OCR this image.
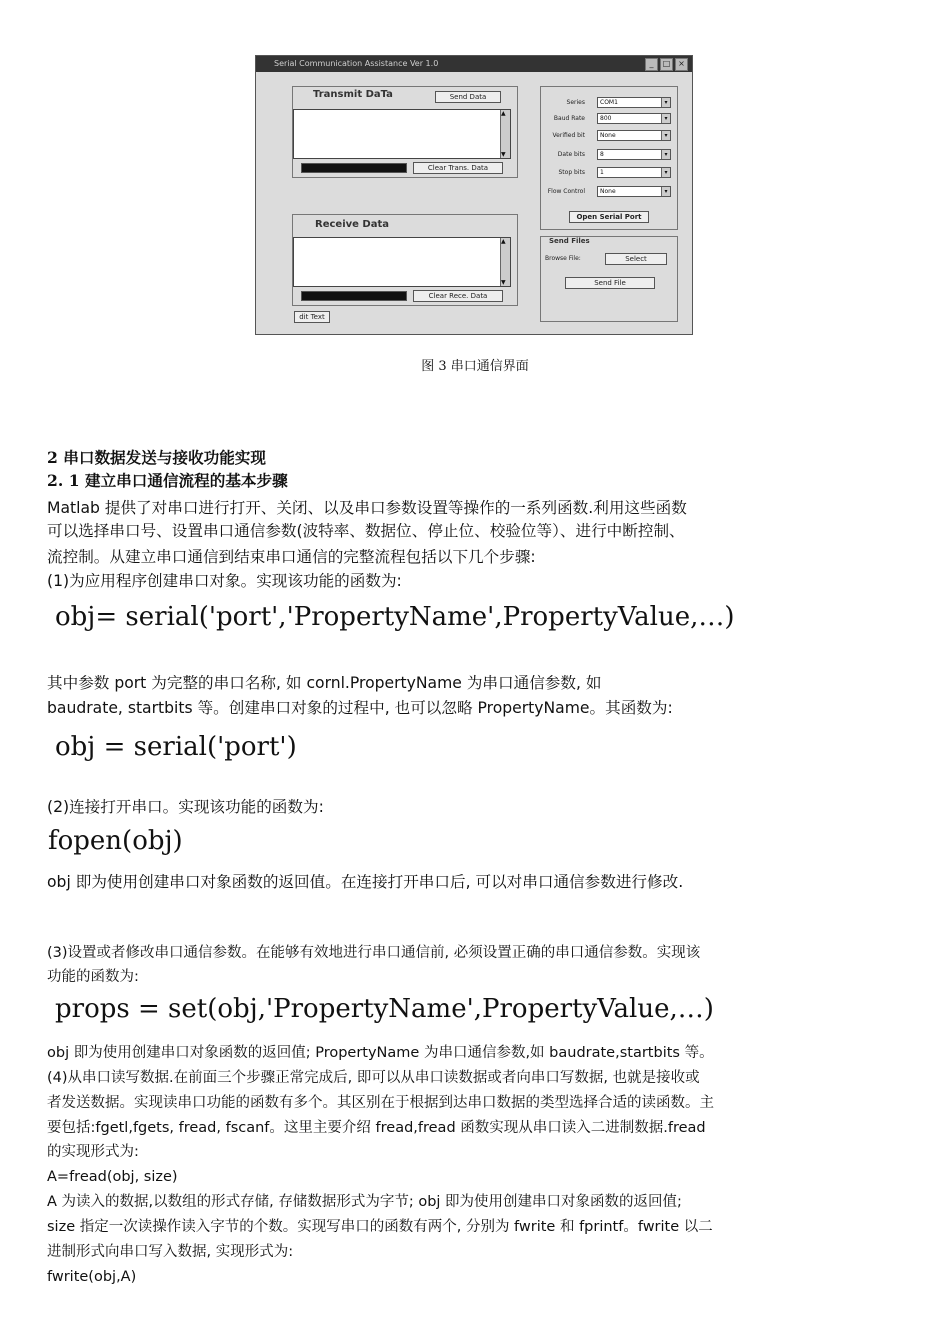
Serial Communication Assistance Ver 1.0	_	□ ×
Transmit DaTa	Send Data
▲ ▼
Clear Trans. Data
Receive Data
▲ ▼
Clear Rece. Data
dit Text
Series	COM1	▾
Baud Rate	800	▾
Verified bit	None	▾
Date bits	8	▾
Stop bits	1	▾
Flow Control	None	▾
Open Serial Port
Send Files
Browse File:	Select
Send File
图 3 串口通信界面
2 串口数据发送与接收功能实现
2. 1 建立串口通信流程的基本步骤
Matlab 提供了对串口进行打开、关闭、以及串口参数设置等操作的一系列函数.利用这些函数
可以选择串口号、设置串口通信参数(波特率、数据位、停止位、校验位等）、进行中断控制、
流控制。从建立串口通信到结束串口通信的完整流程包括以下几个步骤:
(1)为应用程序创建串口对象。实现该功能的函数为:
obj= serial('port','PropertyName',PropertyValue,…)
其中参数 port 为完整的串口名称, 如 cornl.PropertyName 为串口通信参数, 如
baudrate, startbits 等。创建串口对象的过程中, 也可以忽略 PropertyName。其函数为:
obj = serial('port')
(2)连接打开串口。实现该功能的函数为:
fopen(obj)
obj 即为使用创建串口对象函数的返回值。在连接打开串口后, 可以对串口通信参数进行修改.
(3)设置或者修改串口通信参数。在能够有效地进行串口通信前, 必须设置正确的串口通信参数。实现该
功能的函数为:
props = set(obj,'PropertyName',PropertyValue,…)
obj 即为使用创建串口对象函数的返回值; PropertyName 为串口通信参数,如 baudrate,startbits 等。
(4)从串口读写数据.在前面三个步骤正常完成后, 即可以从串口读数据或者向串口写数据, 也就是接收或
者发送数据。实现读串口功能的函数有多个。其区别在于根据到达串口数据的类型选择合适的读函数。主
要包括:fgetl,fgets, fread, fscanf。这里主要介绍 fread,fread 函数实现从串口读入二进制数据.fread
的实现形式为:
A=fread(obj, size)
A 为读入的数据,以数组的形式存储, 存储数据形式为字节; obj 即为使用创建串口对象函数的返回值;
size 指定一次读操作读入字节的个数。实现写串口的函数有两个, 分别为 fwrite 和 fprintf。fwrite 以二
进制形式向串口写入数据, 实现形式为:
fwrite(obj,A)
